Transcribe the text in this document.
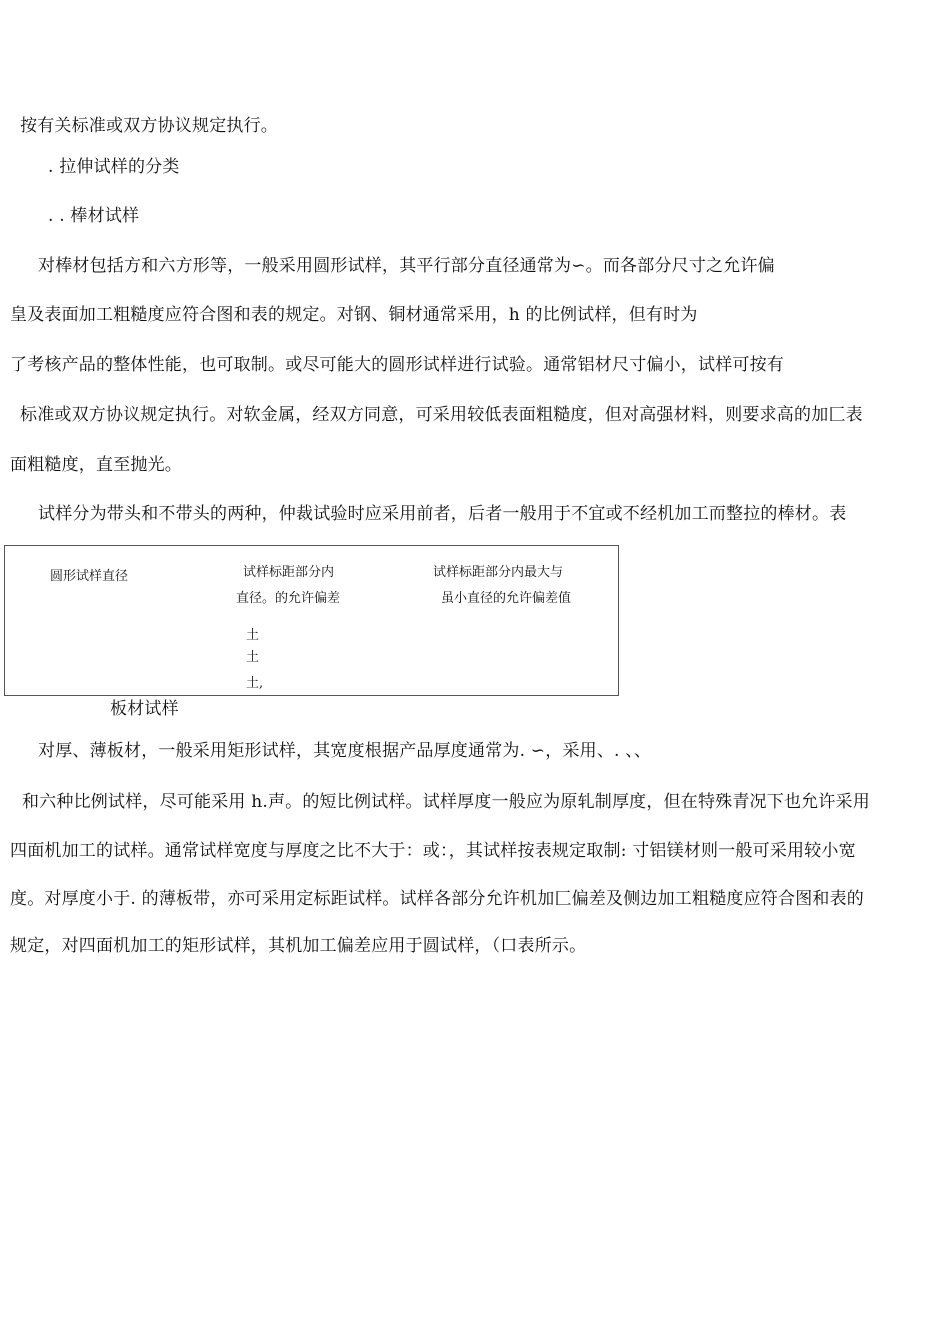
按有关标准或双方协议规定执行。
. 拉伸试样的分类
. . 棒材试样
对棒材包括方和六方形等，一般采用圆形试样，其平行部分直径通常为∽。而各部分尺寸之允许偏
皇及表面加工粗糙度应符合图和表的规定。对钢、铜材通常采用，h 的比例试样，但有时为
了考核产品的整体性能，也可取制。或尽可能大的圆形试样进行试验。通常铝材尺寸偏小，试样可按有
标准或双方协议规定执行。对软金属，经双方同意，可采用较低表面粗糙度，但对高强材料，则要求高的加匚表
面粗糙度，直至抛光。
试样分为带头和不带头的两种，仲裁试验时应采用前者，后者一般用于不宜或不经机加工而整拉的棒材。表
圆形试样直径	试样标距部分内
直径。的允许偏差
试样标距部分内最大与
虽小直径的允许偏差值
土
土
土,
板材试样
对厚、薄板材，一般采用矩形试样，其宽度根据产品厚度通常为. ∽，采用、. 、、
和六种比例试样，尽可能采用 h.声。的短比例试样。试样厚度一般应为原轧制厚度，但在特殊青况下也允许采用
四面机加工的试样。通常试样宽度与厚度之比不大于：或：，其试样按表规定取制: 寸铝镁材则一般可采用较小宽
度。对厚度小于. 的薄板带，亦可采用定标距试样。试样各部分允许机加匚偏差及侧边加工粗糙度应符合图和表的
规定，对四面机加工的矩形试样，其机加工偏差应用于圆试样，（口表所示。
